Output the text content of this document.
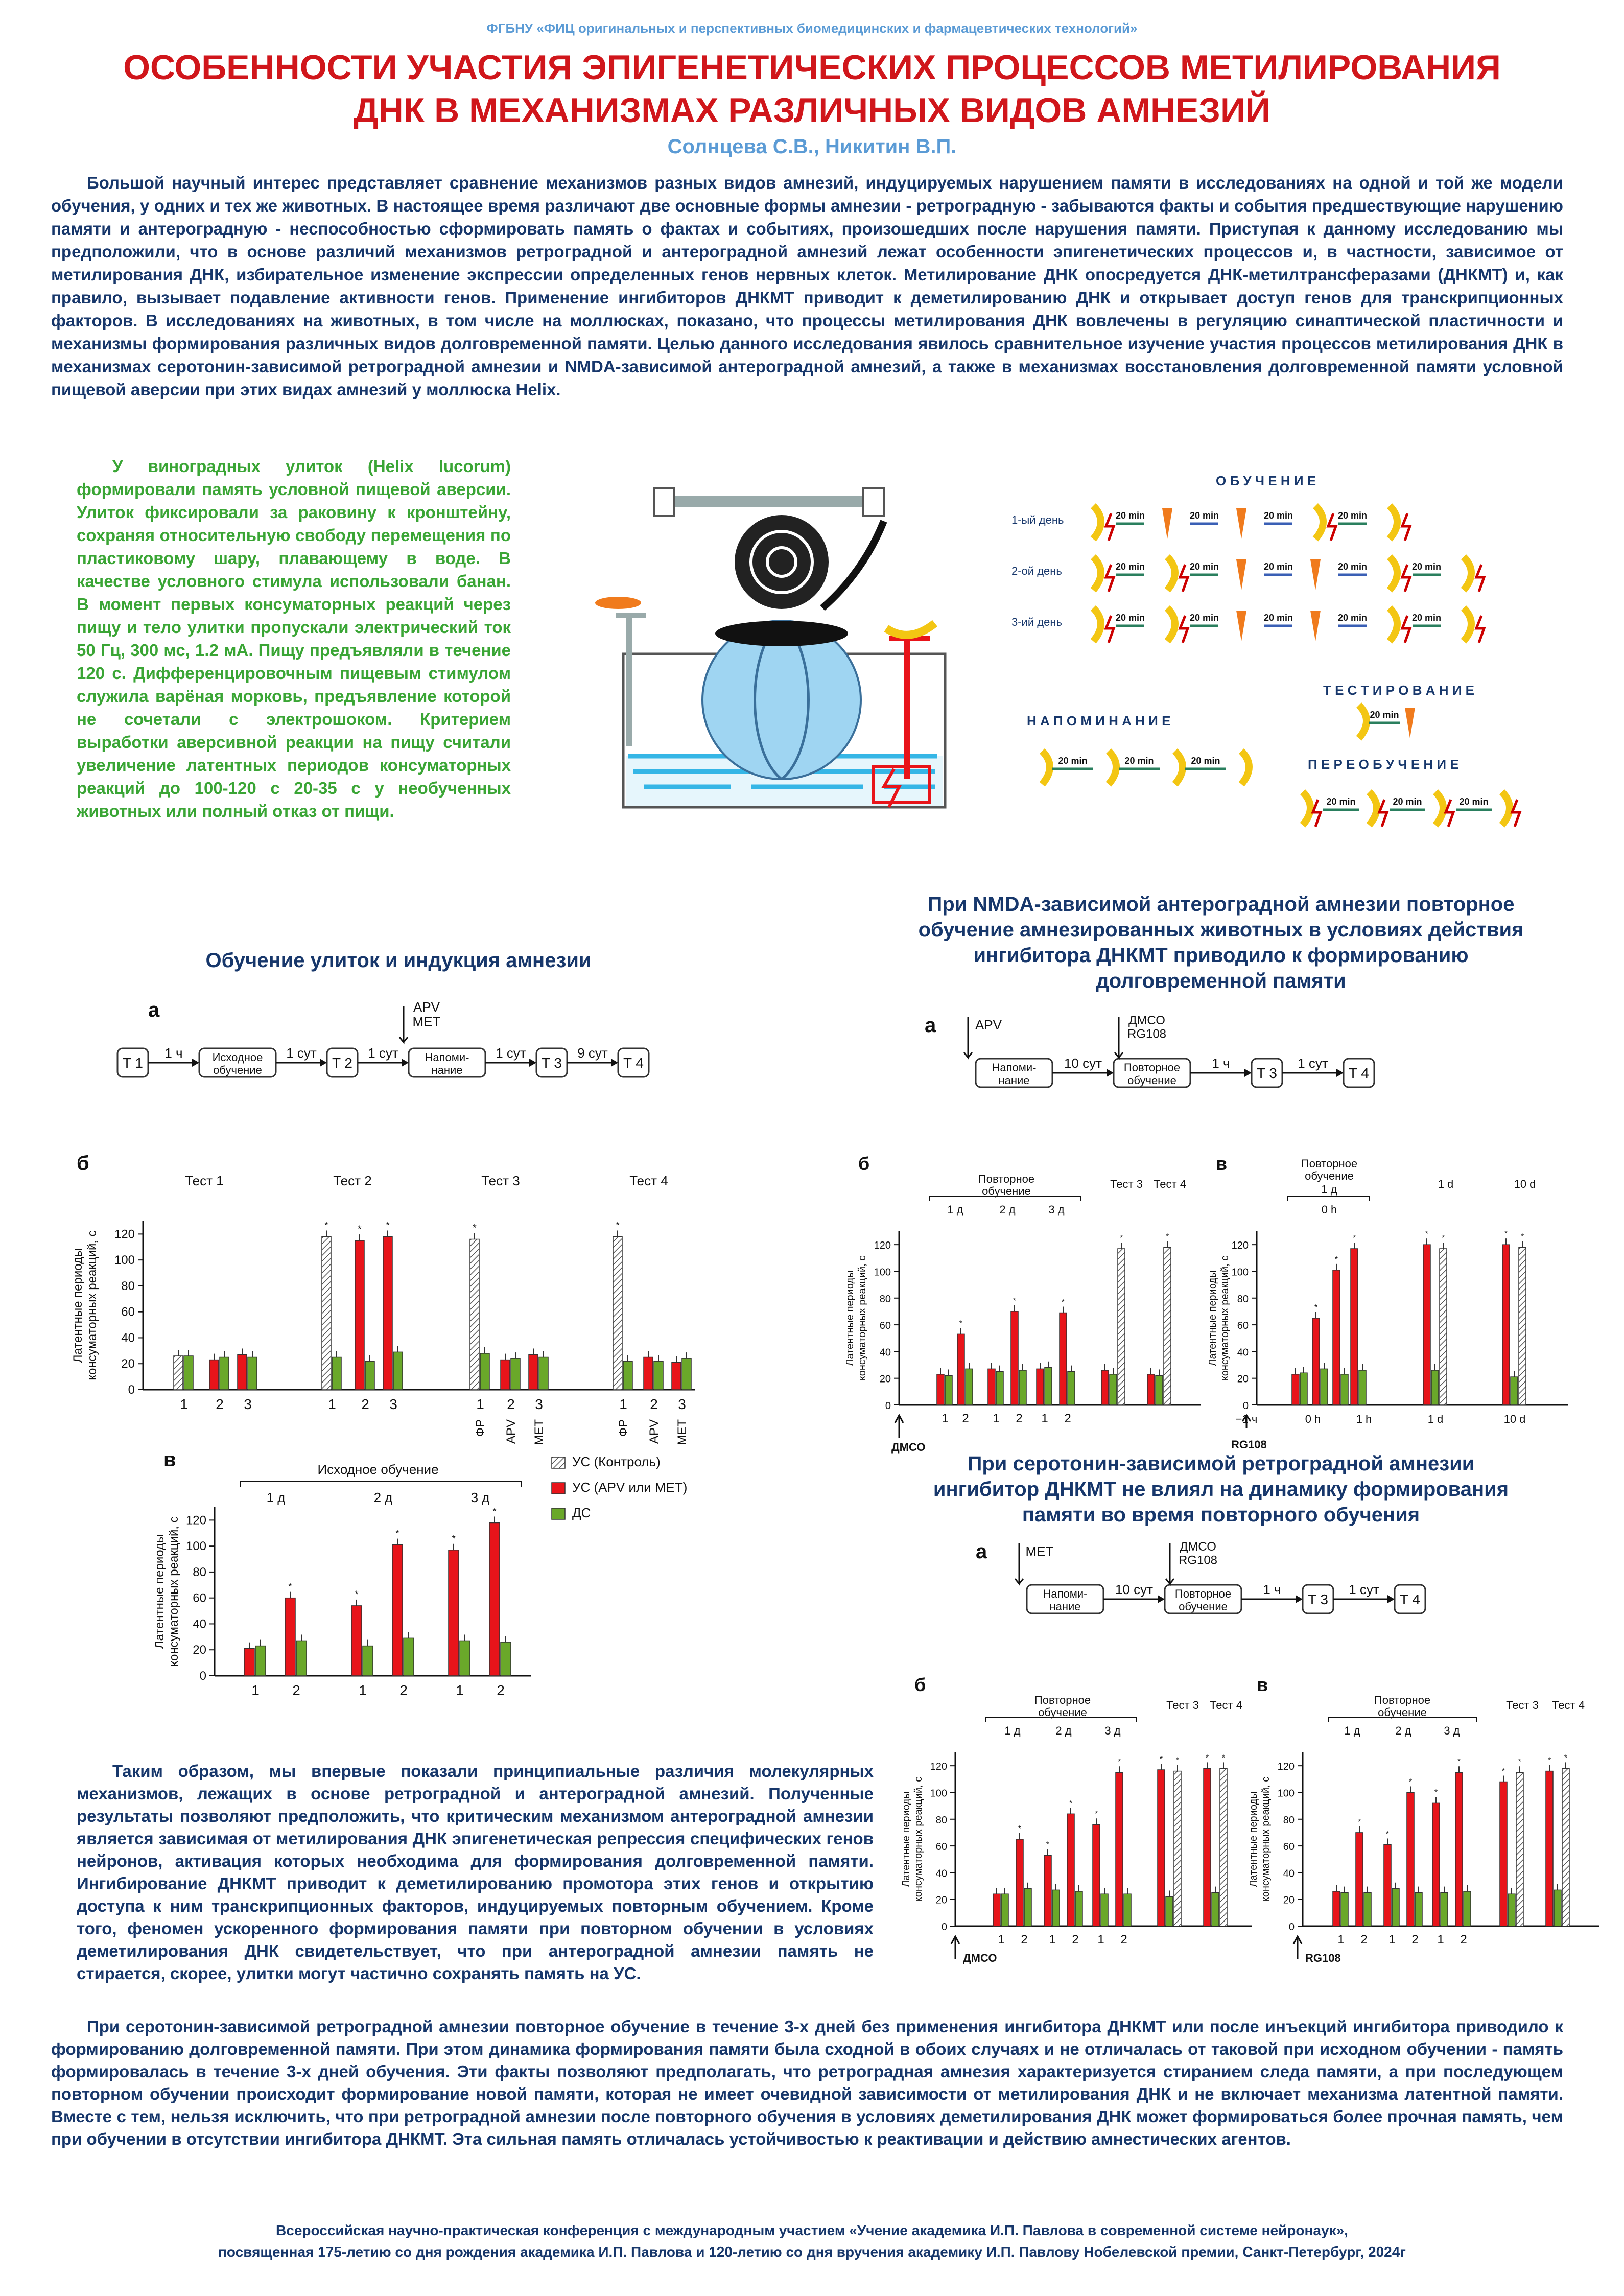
ФГБНУ «ФИЦ оригинальных и перспективных биомедицинских и фармацевтических технологий»
ОСОБЕННОСТИ УЧАСТИЯ ЭПИГЕНЕТИЧЕСКИХ ПРОЦЕССОВ МЕТИЛИРОВАНИЯ
ДНК В МЕХАНИЗМАХ РАЗЛИЧНЫХ ВИДОВ АМНЕЗИЙ
Солнцева С.В., Никитин В.П.
Большой научный интерес представляет сравнение механизмов разных видов амнезий, индуцируемых нарушением памяти в исследованиях на одной и той же модели обучения, у одних и тех же животных. В настоящее время различают две основные формы амнезии - ретроградную - забываются факты и события предшествующие нарушению памяти и антероградную - неспособностью сформировать память о фактах и событиях, произошедших после нарушения памяти. Приступая к данному исследованию мы предположили, что в основе различий механизмов ретроградной и антероградной амнезий лежат особенности эпигенетических процессов и, в частности, зависимое от метилирования ДНК, избирательное изменение экспрессии определенных генов нервных клеток. Метилирование ДНК опосредуется ДНК-метилтрансферазами (ДНКМТ) и, как правило, вызывает подавление активности генов. Применение ингибиторов ДНКМТ приводит к деметилированию ДНК и открывает доступ генов для транскрипционных факторов. В исследованиях на животных, в том числе на моллюсках, показано, что процессы метилирования ДНК вовлечены в регуляцию синаптической пластичности и механизмы формирования различных видов долговременной памяти. Целью данного исследования явилось сравнительное изучение участия процессов метилирования ДНК в механизмах серотонин-зависимой ретроградной амнезии и NMDA-зависимой антероградной амнезий, а также в механизмах восстановления долговременной памяти условной пищевой аверсии при этих видах амнезий у моллюска Helix.
У виноградных улиток (Helix lucorum) формировали память условной пищевой аверсии. Улиток фиксировали за раковину к кронштейну, сохраняя относительную свободу перемещения по пластиковому шару, плавающему в воде. В качестве условного стимула использовали банан. В момент первых консуматорных реакций через пищу и тело улитки пропускали электрический ток 50 Гц, 300 мс, 1.2 мА. Пищу предъявляли в течение 120 с. Дифференцировочным пищевым стимулом служила варёная морковь, предъявление которой не сочетали с электрошоком. Критерием выработки аверсивной реакции на пищу считали увеличение латентных периодов консуматорных реакций до 100-120 с 20-35 с у необученных животных или полный отказ от пищи.
О Б У Ч Е Н И Е
1-ый день
2-ой день
3-ий день
20 min	20 min	20 min	20 min
20 min	20 min	20 min	20 min	20 min
20 min	20 min	20 min	20 min	20 min
20 min
20 min	20 min	20 min
20 min	20 min	20 min
Т Е С Т И Р О В А Н И Е
Н А П О М И Н А Н И Е
П Е Р Е О Б У Ч Е Н И Е
Обучение улиток и индукция амнезии
При NMDA-зависимой антероградной амнезии повторное обучение амнезированных животных в условиях действия ингибитора ДНКМТ приводило к формированию долговременной памяти
При серотонин-зависимой ретроградной амнезии ингибитор ДНКМТ не влиял на динамику формирования памяти во время повторного обучения
а
T 1
1 ч	Исходное
обучение
1 сут
T 2
1 сут Напоми-
нание
1 сут
T 3
9 сут
T 4
APV
MET	а
Напоми-
нание
10 сут Повторное
обучение
1 ч
T 3
1 сут
T 4
APV	ДМСО
RG108
а
Напоми-
нание
10 сут Повторное
обучение
1 ч
T 3
1 сут
T 4
MET	ДМСО
RG108
0
20
40
60
80
100
120
Латентные периоды консуматорных реакций, с
1 2 3
Тест 1
*
1
*
2
*
3
Тест 2
*
1
ФР
2
APV
3
MET
Тест 3
*
1
ФР
2
APV
3
MET
Тест 4
б
0
20
40
60
80
100
120
Латентные периоды консуматорных реакций, с
1
*
2
1 д
*
1
*
2
2 д
*
1
*
2
3 д
в	Исходное обучение	УС (Контроль)
УС (APV или MET)
ДС
0
20
40
60
80
100
120
Латентные периоды консуматорных реакций, с
1
*
2
1 д
1
*
2
2 д
1
*
2
3 д
*
Тест 3
*
Тест 4
б
Повторное
обучение
ДМСО
0
20
40
60
80
100
120
Латентные периоды консуматорных реакций, с	*
*
*
0 h
* *
1 d
* *
10 d
в	Повторное
обучение
1 д
−1 ч	0 h	1 h	1 d	10 d
RG108
0
20
40
60
80
100
120
Латентные периоды консуматорных реакций, с
1
*
2
1 д
*
1
*
2
2 д
*
1
*
2
3 д
* *
Тест 3
* *
Тест 4
б
Повторное
обучение
ДМСО
0
20
40
60
80
100
120
Латентные периоды консуматорных реакций, с
1
*
2
1 д
*
1
*
2
2 д
*
1
*
2
3 д
*
*
Тест 3
* *
Тест 4
в
Повторное
обучение
RG108
Таким образом, мы впервые показали принципиальные различия молекулярных механизмов, лежащих в основе ретроградной и антероградной амнезий. Полученные результаты позволяют предположить, что критическим механизмом антероградной амнезии является зависимая от метилирования ДНК эпигенетическая репрессия специфических генов нейронов, активация которых необходима для формирования долговременной памяти. Ингибирование ДНКМТ приводит к деметилированию промотора этих генов и открытию доступа к ним транскрипционных факторов, индуцируемых повторным обучением. Кроме того, феномен ускоренного формирования памяти при повторном обучении в условиях деметилирования ДНК свидетельствует, что при антероградной амнезии память не стирается, скорее, улитки могут частично сохранять память на УС.
При серотонин-зависимой ретроградной амнезии повторное обучение в течение 3-х дней без применения ингибитора ДНКМТ или после инъекций ингибитора приводило к формированию долговременной памяти. При этом динамика формирования памяти была сходной в обоих случаях и не отличалась от таковой при исходном обучении - память формировалась в течение 3-х дней обучения. Эти факты позволяют предполагать, что ретроградная амнезия характеризуется стиранием следа памяти, а при последующем повторном обучении происходит формирование новой памяти, которая не имеет очевидной зависимости от метилирования ДНК и не включает механизма латентной памяти. Вместе с тем, нельзя исключить, что при ретроградной амнезии после повторного обучения в условиях деметилирования ДНК может формироваться более прочная память, чем при обучении в отсутствии ингибитора ДНКМТ. Эта сильная память отличалась устойчивостью к реактивации и действию амнестических агентов.
Всероссийская научно-практическая конференция с международным участием «Учение академика И.П. Павлова в современной системе нейронаук»,
посвященная 175-летию со дня рождения академика И.П. Павлова и 120-летию со дня вручения академику И.П. Павлову Нобелевской премии, Санкт-Петербург, 2024г
